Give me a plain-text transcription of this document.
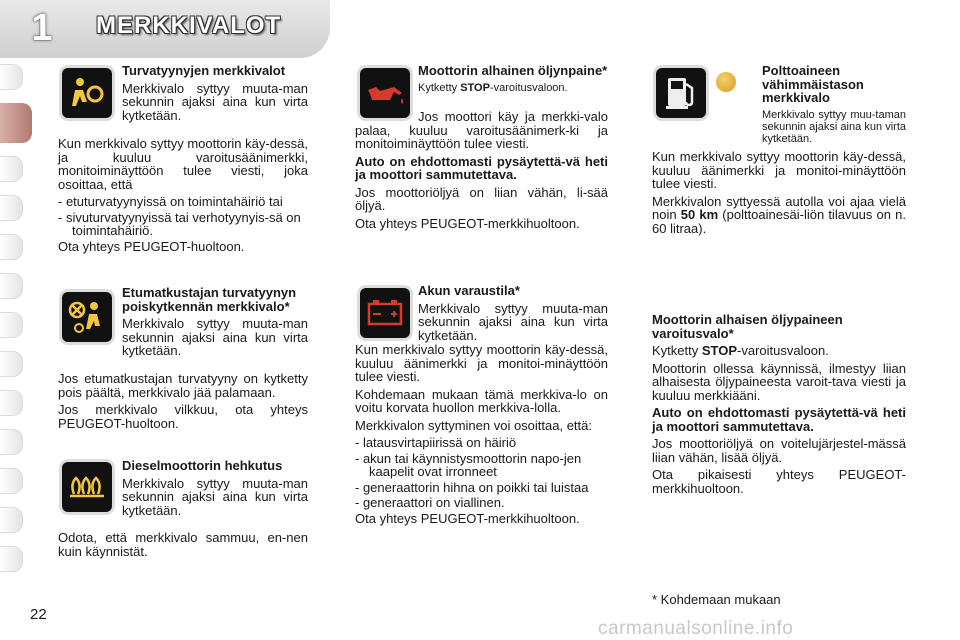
1	MERKKIVALOT
Turvatyynyjen merkkivalot

Merkkivalo syttyy muuta-man sekunnin ajaksi aina kun virta kytketään.

Kun merkkivalo syttyy moottorin käy-dessä, ja kuuluu varoitusäänimerkki, monitoiminäyttöön tulee viesti, joka osoittaa, että

- etuturvatyynyissä on toimintahäiriö tai
- sivuturvatyynyissä tai verhotyynyis-sä on toimintahäiriö.

Ota yhteys PEUGEOT-huoltoon.

Etumatkustajan turvatyynyn poiskytkennän merkkivalo*

Merkkivalo syttyy muuta-man sekunnin ajaksi aina kun virta kytketään.

Jos etumatkustajan turvatyyny on kytketty pois päältä, merkkivalo jää palamaan.

Jos merkkivalo vilkkuu, ota yhteys PEUGEOT-huoltoon.

Dieselmoottorin hehkutus

Merkkivalo syttyy muuta-man sekunnin ajaksi aina kun virta kytketään.

Odota, että merkkivalo sammuu, en-nen kuin käynnistät.

Moottorin alhainen öljynpaine*

Kytketty STOP-varoitusvaloon.

Jos moottori käy ja merkki-valo palaa, kuuluu varoitusäänimerk-ki ja monitoiminäyttöön tulee viesti.

Auto on ehdottomasti pysäytettä-vä heti ja moottori sammutettava.

Jos moottoriöljyä on liian vähän, li-sää öljyä.

Ota yhteys PEUGEOT-merkkihuoltoon.

Akun varaustila*

Merkkivalo syttyy muuta-man sekunnin ajaksi aina kun virta kytketään.

Kun merkkivalo syttyy moottorin käy-dessä, kuuluu äänimerkki ja monitoi-minäyttöön tulee viesti.

Kohdemaan mukaan tämä merkkiva-lo on voitu korvata huollon merkkiva-lolla.

Merkkivalon syttyminen voi osoittaa, että:

- latausvirtapiirissä on häiriö
- akun tai käynnistysmoottorin napo-jen kaapelit ovat irronneet
- generaattorin hihna on poikki tai luistaa
- generaattori on viallinen.

Ota yhteys PEUGEOT-merkkihuoltoon.

Polttoaineen vähimmäistason merkkivalo

Merkkivalo syttyy muu-taman sekunnin ajaksi aina kun virta kytketään.

Kun merkkivalo syttyy moottorin käy-dessä, kuuluu äänimerkki ja monitoi-minäyttöön tulee viesti.

Merkkivalon syttyessä autolla voi ajaa vielä noin 50 km (polttoainesäi-liön tilavuus on n. 60 litraa).

Moottorin alhaisen öljypaineen varoitusvalo*

Kytketty STOP-varoitusvaloon.

Moottorin ollessa käynnissä, ilmestyy liian alhaisesta öljypaineesta varoit-tava viesti ja kuuluu merkkiääni.

Auto on ehdottomasti pysäytettä-vä heti ja moottori sammutettava.

Jos moottoriöljyä on voitelujärjestel-mässä liian vähän, lisää öljyä.

Ota pikaisesti yhteys PEUGEOT-merkkihuoltoon.

* Kohdemaan mukaan
22
carmanualsonline.info
